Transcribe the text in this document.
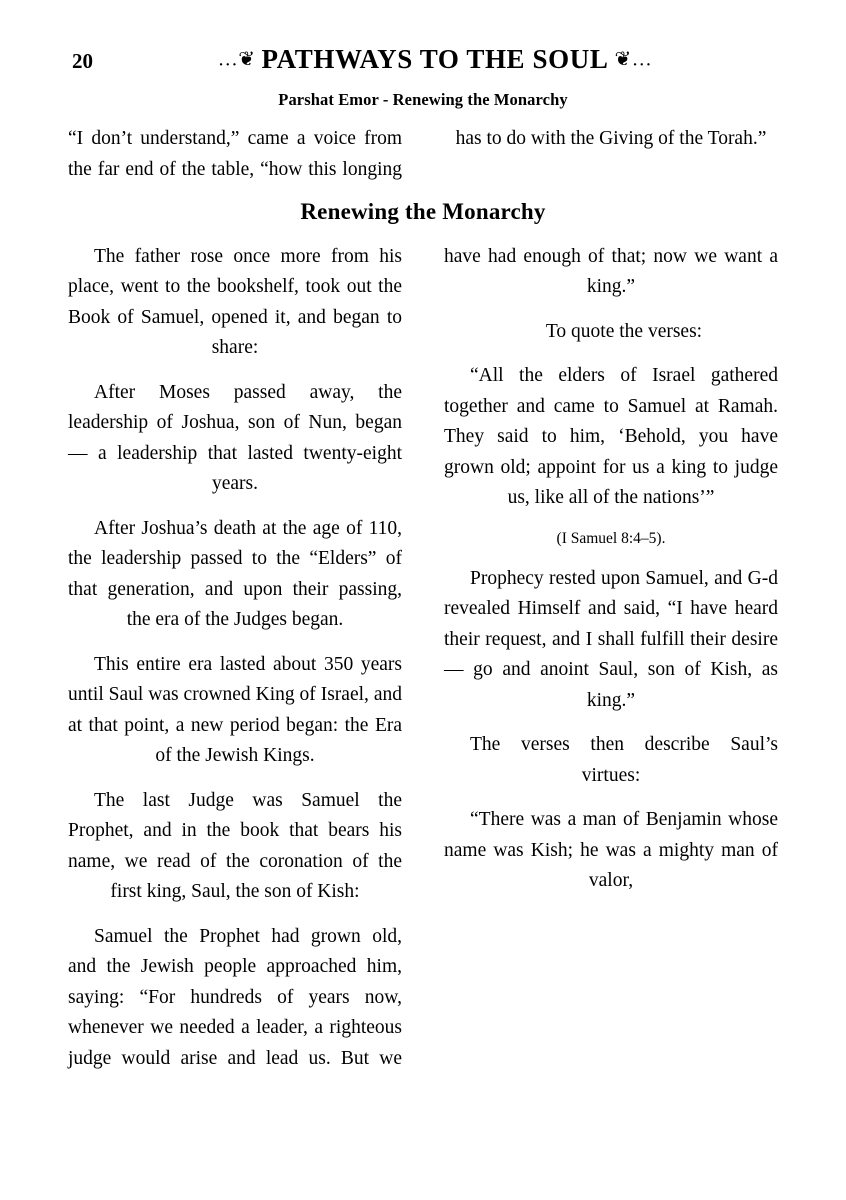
20	…❦ PATHWAYS TO THE SOUL ❦…
Parshat Emor - Renewing the Monarchy

“I don’t understand,” came a voice from the far end of the table, “how this longing has to do with the Giving of the Torah.”

Renewing the Monarchy

The father rose once more from his place, went to the bookshelf, took out the Book of Samuel, opened it, and began to share:

After Moses passed away, the leadership of Joshua, son of Nun, began — a leadership that lasted twenty-eight years.

After Joshua’s death at the age of 110, the leadership passed to the “Elders” of that generation, and upon their passing, the era of the Judges began.

This entire era lasted about 350 years until Saul was crowned King of Israel, and at that point, a new period began: the Era of the Jewish Kings.

The last Judge was Samuel the Prophet, and in the book that bears his name, we read of the coronation of the first king, Saul, the son of Kish:

Samuel the Prophet had grown old, and the Jewish people approached him, saying: “For hundreds of years now, whenever we needed a leader, a righteous judge would arise and lead us. But we have had enough of that; now we want a king.”

To quote the verses:

“All the elders of Israel gathered together and came to Samuel at Ramah. They said to him, ‘Behold, you have grown old; appoint for us a king to judge us, like all of the nations’”

(I Samuel 8:4–5).

Prophecy rested upon Samuel, and G-d revealed Himself and said, “I have heard their request, and I shall fulfill their desire — go and anoint Saul, son of Kish, as king.”

The verses then describe Saul’s virtues:

“There was a man of Benjamin whose name was Kish; he was a mighty man of valor,
